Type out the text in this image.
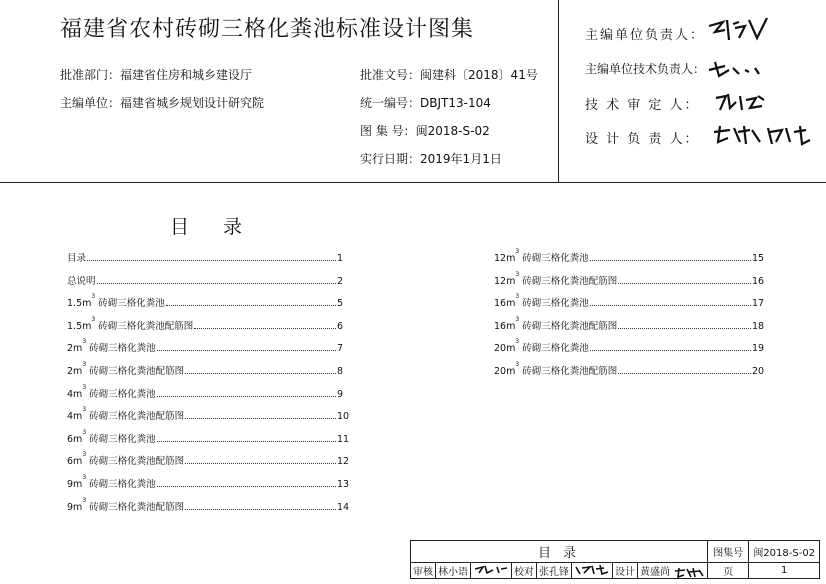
福建省农村砖砌三格化粪池标准设计图集
批准部门：福建省住房和城乡建设厅
主编单位：福建省城乡规划设计研究院
批准文号：闽建科〔2018〕41号
统一编号：DBJT13-104
图 集 号：闽2018-S-02
实行日期：2019年1月1日
主编单位负责人：
主编单位技术负责人：
技 术 审 定 人：
设 计 负 责 人：
目 录
目录	1
总说明	2
$1.5m^3$ 砖砌三格化粪池	5
$1.5m^3$ 砖砌三格化粪池配筋图	6
$2m^3$ 砖砌三格化粪池	7
$2m^3$ 砖砌三格化粪池配筋图	8
$4m^3$ 砖砌三格化粪池	9
$4m^3$ 砖砌三格化粪池配筋图	10
$6m^3$ 砖砌三格化粪池	11
$6m^3$ 砖砌三格化粪池配筋图	12
$9m^3$ 砖砌三格化粪池	13
$9m^3$ 砖砌三格化粪池配筋图	14
$12m^3$ 砖砌三格化粪池	15
$12m^3$ 砖砌三格化粪池配筋图	16
$16m^3$ 砖砌三格化粪池	17
$16m^3$ 砖砌三格化粪池配筋图	18
$20m^3$ 砖砌三格化粪池	19
$20m^3$ 砖砌三格化粪池配筋图	20
目 录								图集号	闽2018-S-02
审核	林小语		校对	张孔锋		设计	黄盛尚	页	1
